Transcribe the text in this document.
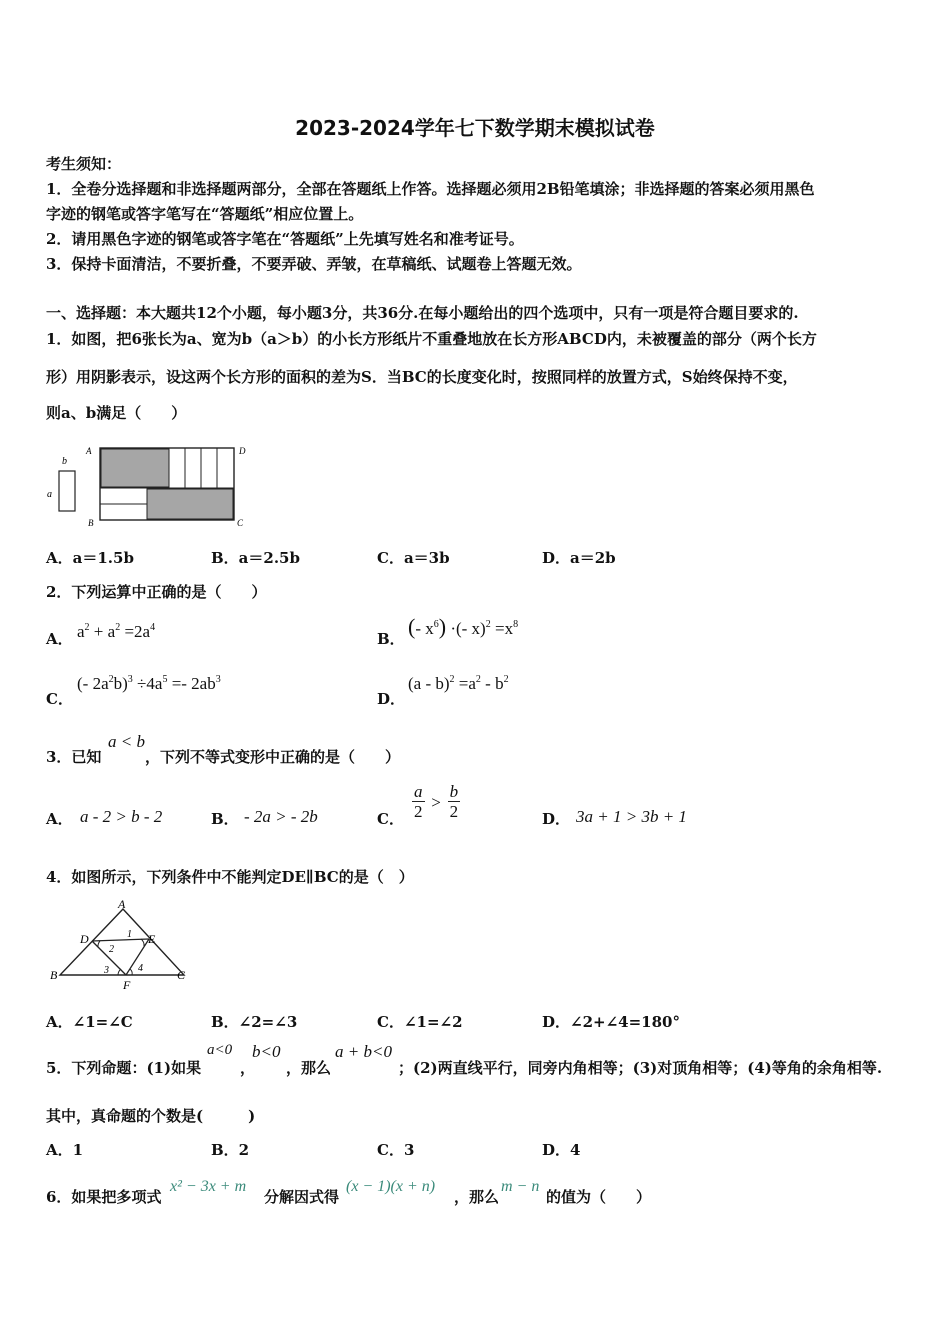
2023-2024学年七下数学期末模拟试卷
考生须知：
1．全卷分选择题和非选择题两部分，全部在答题纸上作答。选择题必须用2B铅笔填涂；非选择题的答案必须用黑色
字迹的钢笔或答字笔写在“答题纸”相应位置上。
2．请用黑色字迹的钢笔或答字笔在“答题纸”上先填写姓名和准考证号。
3．保持卡面清洁，不要折叠，不要弄破、弄皱，在草稿纸、试题卷上答题无效。
一、选择题：本大题共12个小题，每小题3分，共36分.在每小题给出的四个选项中，只有一项是符合题目要求的.
1．如图，把6张长为a、宽为b（a＞b）的小长方形纸片不重叠地放在长方形ABCD内，未被覆盖的部分（两个长方
形）用阴影表示，设这两个长方形的面积的差为S．当BC的长度变化时，按照同样的放置方式，S始终保持不变，
则a、b满足（　　）
b
a
A	D
B	C
A．a＝1.5b	B．a＝2.5b	C．a＝3b	D．a＝2b
2．下列运算中正确的是（　　）
A． $a^2 + a^2 =2a^4$
B． (- $x^6$) ·(- $x)^2 =x^8$
C．
(- $2a^2b)^3 \div 4a^5 =- 2ab^3$
D．
$(a - b)^2 =a^2 - b^2$
3．已知
a < b
，下列不等式变形中正确的是（　　）
A． a - 2 > b - 2	B． - 2a > - 2b	C． $\frac{a}{2} > \frac{b}{2}$	D． 3a + 1 > 3b + 1
4．如图所示，下列条件中不能判定DE∥BC的是（　）
A
D	E
B	C
F
1
2
3	4
A．∠1=∠C	B．∠2=∠3	C．∠1=∠2	D．∠2+∠4=180°
5．下列命题：(1)如果
a<0
，
b<0
，那么
a + b<0
；(2)两直线平行，同旁内角相等；(3)对顶角相等；(4)等角的余角相等.
其中，真命题的个数是(　　　)
A．1	B．2	C．3	D．4
6．如果把多项式
x² − 3x + m
分解因式得
(x − 1)(x + n)
，那么
m − n
的值为（　　）
